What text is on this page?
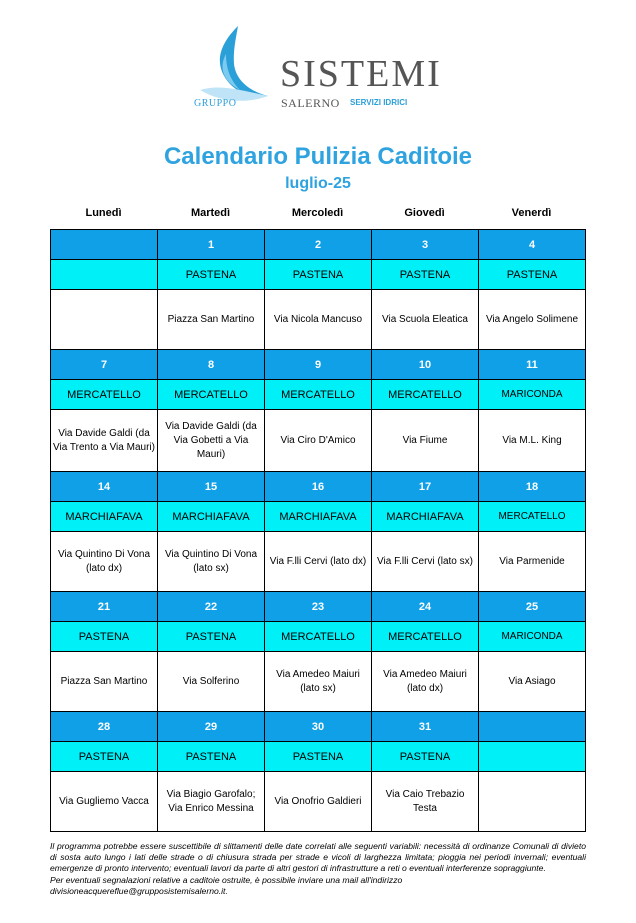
GRUPPO
SISTEMI
SALERNO SERVIZI IDRICI
Calendario Pulizia Caditoie
luglio-25
Lunedì	Martedì	Mercoledì	Giovedì	Venerdì
	1	2	3	4
	PASTENA	PASTENA	PASTENA	PASTENA
	Piazza San Martino	Via Nicola Mancuso	Via Scuola Eleatica	Via Angelo Solimene
7	8	9	10	11
MERCATELLO	MERCATELLO	MERCATELLO	MERCATELLO	MARICONDA
Via Davide Galdi (da Via Trento a Via Mauri)	Via Davide Galdi (da Via Gobetti a Via Mauri)	Via Ciro D'Amico	Via Fiume	Via M.L. King
14	15	16	17	18
MARCHIAFAVA	MARCHIAFAVA	MARCHIAFAVA	MARCHIAFAVA	MERCATELLO
Via Quintino Di Vona (lato dx)	Via Quintino Di Vona (lato sx)	Via F.lli Cervi (lato dx)	Via F.lli Cervi (lato sx)	Via Parmenide
21	22	23	24	25
PASTENA	PASTENA	MERCATELLO	MERCATELLO	MARICONDA
Piazza San Martino	Via Solferino	Via Amedeo Maiuri (lato sx)	Via Amedeo Maiuri (lato dx)	Via Asiago
28	29	30	31	
PASTENA	PASTENA	PASTENA	PASTENA	
Via Gugliemo Vacca	Via Biagio Garofalo; Via Enrico Messina	Via Onofrio Galdieri	Via Caio Trebazio Testa	

Il programma potrebbe essere suscettibile di slittamenti delle date correlati alle seguenti variabili: necessità di ordinanze Comunali di divieto di sosta auto lungo i lati delle strade o di chiusura strada per strade e vicoli di larghezza limitata; pioggia nei periodi invernali; eventuali emergenze di pronto intervento; eventuali lavori da parte di altri gestori di infrastrutture a reti o eventuali interferenze sopraggiunte.

Per eventuali segnalazioni relative a caditoie ostruite, è possibile inviare una mail all'indirizzo

divisioneacquereflue@grupposistemisalerno.it.
